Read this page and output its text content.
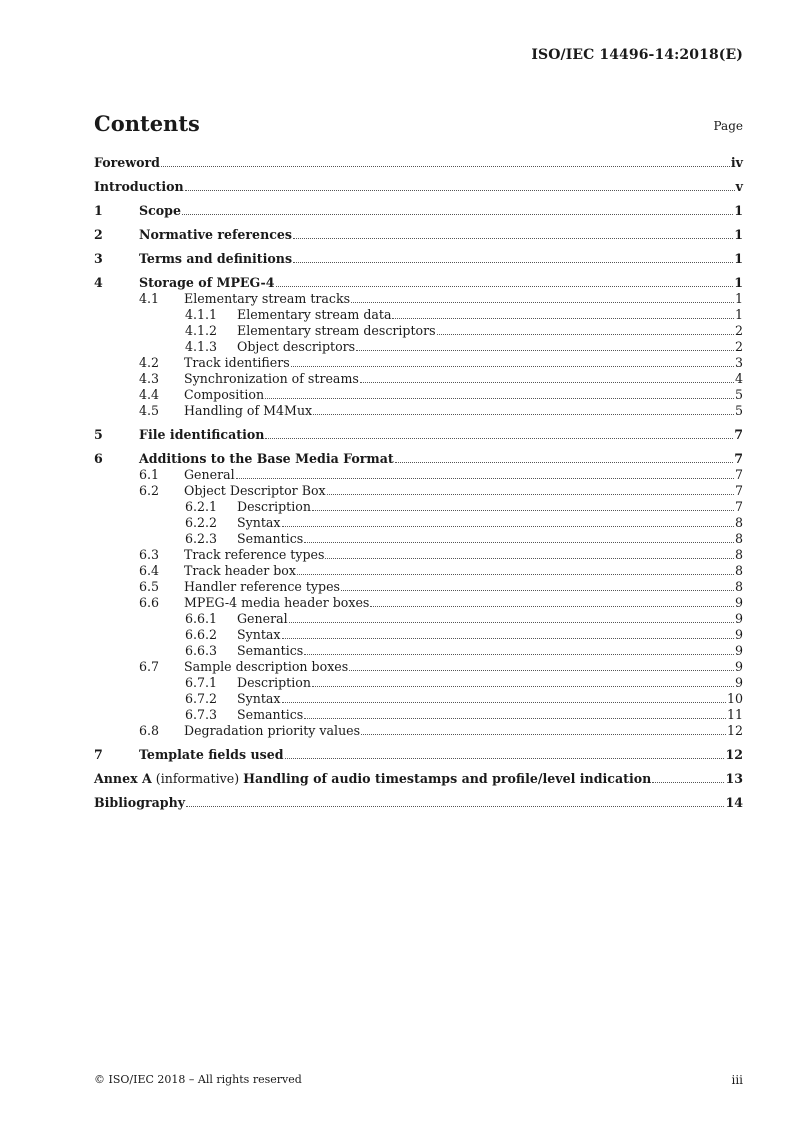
ISO/IEC 14496-14:2018(E)
Contents	Page
Foreword	iv
Introduction	v
1	Scope	1
2	Normative references	1
3	Terms and definitions	1
4	Storage of MPEG-4	1
4.1	Elementary stream tracks	1
4.1.1	Elementary stream data	1
4.1.2	Elementary stream descriptors	2
4.1.3	Object descriptors	2
4.2	Track identifiers	3
4.3	Synchronization of streams	4
4.4	Composition	5
4.5	Handling of M4Mux	5
5	File identification	7
6	Additions to the Base Media Format	7
6.1	General	7
6.2	Object Descriptor Box	7
6.2.1	Description	7
6.2.2	Syntax	8
6.2.3	Semantics	8
6.3	Track reference types	8
6.4	Track header box	8
6.5	Handler reference types	8
6.6	MPEG-4 media header boxes	9
6.6.1	General	9
6.6.2	Syntax	9
6.6.3	Semantics	9
6.7	Sample description boxes	9
6.7.1	Description	9
6.7.2	Syntax	10
6.7.3	Semantics	11
6.8	Degradation priority values	12
7	Template fields used	12
Annex A (informative) Handling of audio timestamps and profile/level indication	13
Bibliography	14
© ISO/IEC 2018 – All rights reserved	iii
